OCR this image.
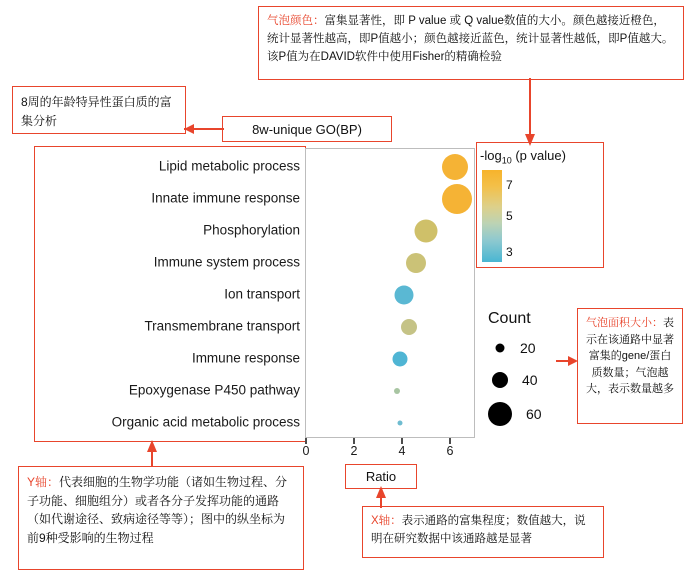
气泡颜色：富集显著性，即 P value 或 Q value数值的大小。颜色越接近橙色，统计显著性越高，即P值越小；颜色越接近蓝色，统计显著性越低，即P值越大。该P值为在DAVID软件中使用Fisher的精确检验
8周的年龄特异性蛋白质的富集分析
8w-unique GO(BP)
Lipid metabolic process
Innate immune response
Phosphorylation
Immune system process
Ion transport
Transmembrane transport
Immune response
Epoxygenase P450 pathway
Organic acid metabolic process
0	2	4	6
Ratio
$-\log_{10}$ (p value)
7
5
3
Count
20
40
60
气泡面积大小：表示在该通路中显著富集的gene/蛋白质数量；气泡越大，表示数量越多
Y轴：代表细胞的生物学功能（诸如生物过程、分子功能、细胞组分）或者各分子发挥功能的通路（如代谢途径、致病途径等等）；图中的纵坐标为前9种受影响的生物过程
X轴：表示通路的富集程度；数值越大，说明在研究数据中该通路越是显著
